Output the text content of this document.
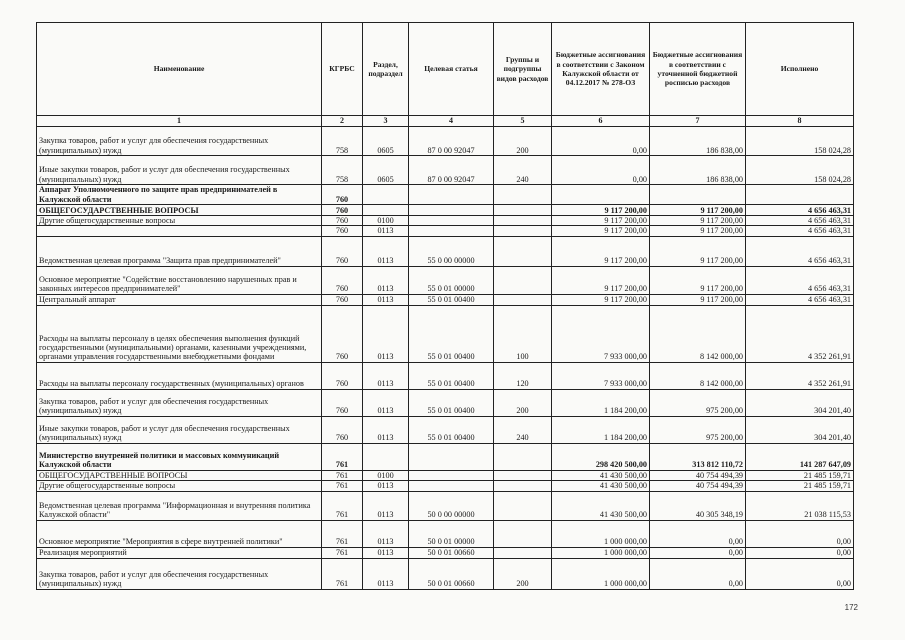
Наименование	КГРБС	Раздел, подраздел	Целевая статья	Группы и подгруппы видов расходов	Бюджетные ассигнования в соответствии с Законом Калужской области от 04.12.2017 № 278-ОЗ	Бюджетные ассигнования в соответствии с уточненной бюджетной росписью расходов	Исполнено
1	2	3	4	5	6	7	8
Закупка товаров, работ и услуг для обеспечения государственных (муниципальных) нужд	758	0605	87 0 00 92047	200	0,00	186 838,00	158 024,28
Иные закупки товаров, работ и услуг для обеспечения государственных (муниципальных) нужд	758	0605	87 0 00 92047	240	0,00	186 838,00	158 024,28
Аппарат Уполномоченного по защите прав предпринимателей в Калужской области	760						
ОБЩЕГОСУДАРСТВЕННЫЕ ВОПРОСЫ	760				9 117 200,00	9 117 200,00	4 656 463,31
Другие общегосударственные вопросы	760	0100			9 117 200,00	9 117 200,00	4 656 463,31
	760	0113			9 117 200,00	9 117 200,00	4 656 463,31
Ведомственная целевая программа "Защита прав предпринимателей"	760	0113	55 0 00 00000		9 117 200,00	9 117 200,00	4 656 463,31
Основное мероприятие "Содействие восстановлению нарушенных прав и законных интересов предпринимателей"	760	0113	55 0 01 00000		9 117 200,00	9 117 200,00	4 656 463,31
Центральный аппарат	760	0113	55 0 01 00400		9 117 200,00	9 117 200,00	4 656 463,31
Расходы на выплаты персоналу в целях обеспечения выполнения функций государственными (муниципальными) органами, казенными учреждениями, органами управления государственными внебюджетными фондами	760	0113	55 0 01 00400	100	7 933 000,00	8 142 000,00	4 352 261,91
Расходы на выплаты персоналу государственных (муниципальных) органов	760	0113	55 0 01 00400	120	7 933 000,00	8 142 000,00	4 352 261,91
Закупка товаров, работ и услуг для обеспечения государственных (муниципальных) нужд	760	0113	55 0 01 00400	200	1 184 200,00	975 200,00	304 201,40
Иные закупки товаров, работ и услуг для обеспечения государственных (муниципальных) нужд	760	0113	55 0 01 00400	240	1 184 200,00	975 200,00	304 201,40
Министерство внутренней политики и массовых коммуникаций Калужской области	761				298 420 500,00	313 812 110,72	141 287 647,09
ОБЩЕГОСУДАРСТВЕННЫЕ ВОПРОСЫ	761	0100			41 430 500,00	40 754 494,39	21 485 159,71
Другие общегосударственные вопросы	761	0113			41 430 500,00	40 754 494,39	21 485 159,71
Ведомственная целевая программа "Информационная и внутренняя политика Калужской области"	761	0113	50 0 00 00000		41 430 500,00	40 305 348,19	21 038 115,53
Основное мероприятие "Мероприятия в сфере внутренней политики"	761	0113	50 0 01 00000		1 000 000,00	0,00	0,00
Реализация мероприятий	761	0113	50 0 01 00660		1 000 000,00	0,00	0,00
Закупка товаров, работ и услуг для обеспечения государственных (муниципальных) нужд	761	0113	50 0 01 00660	200	1 000 000,00	0,00	0,00
172
